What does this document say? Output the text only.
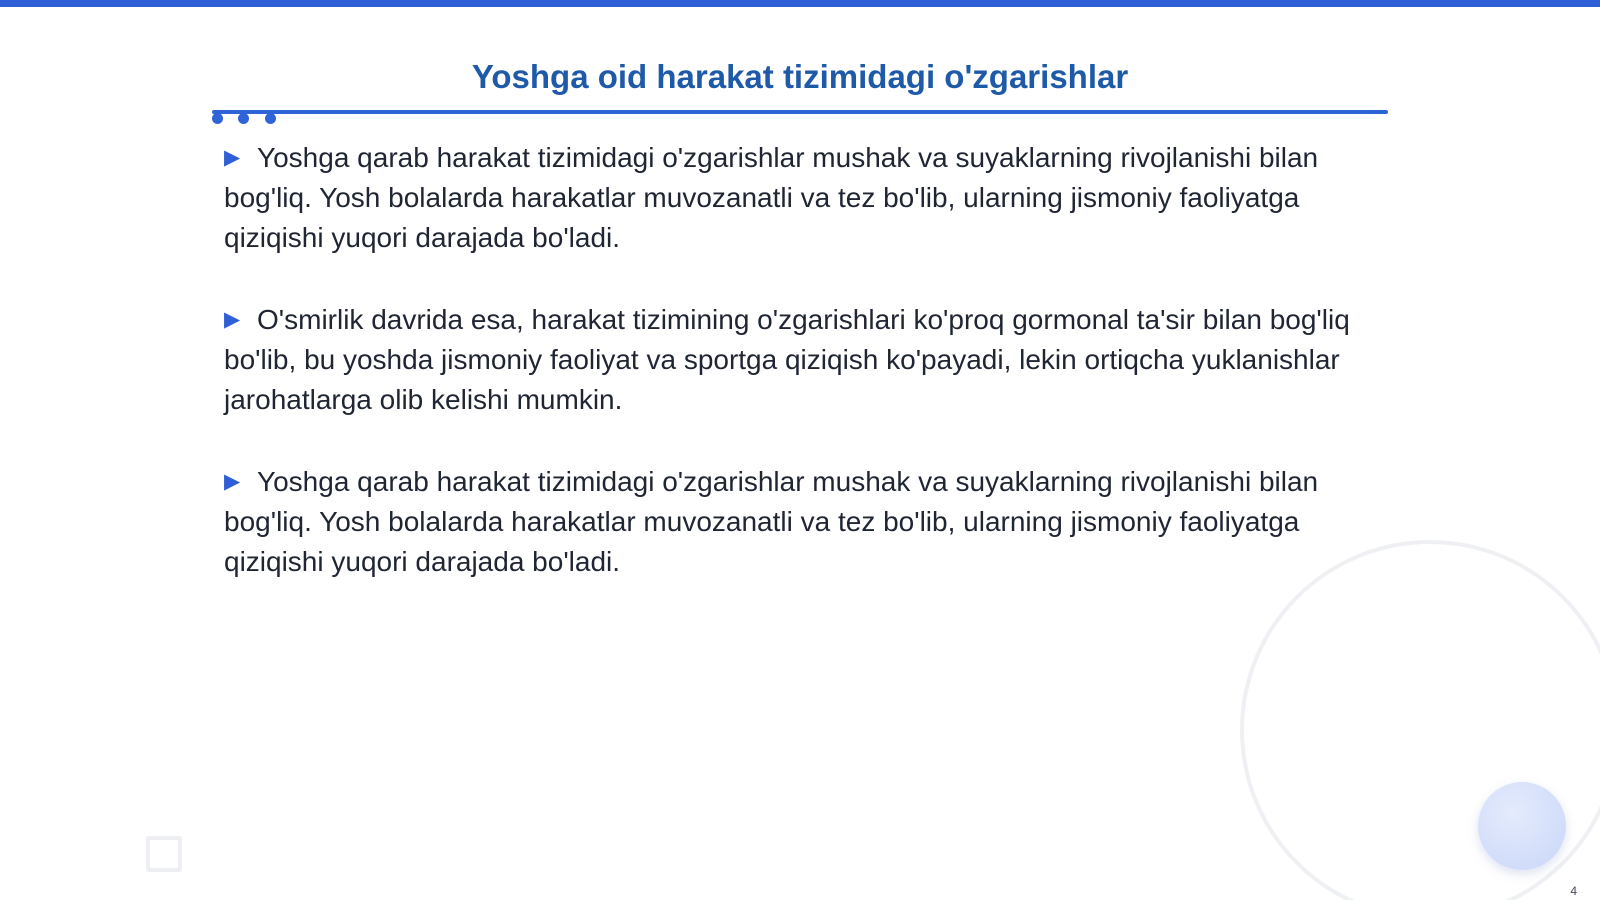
Yoshga oid harakat tizimidagi o'zgarishlar

▶ Yoshga qarab harakat tizimidagi o'zgarishlar mushak va suyaklarning rivojlanishi bilan bog'liq. Yosh bolalarda harakatlar muvozanatli va tez bo'lib, ularning jismoniy faoliyatga qiziqishi yuqori darajada bo'ladi.

▶ O'smirlik davrida esa, harakat tizimining o'zgarishlari ko'proq gormonal ta'sir bilan bog'liq bo'lib, bu yoshda jismoniy faoliyat va sportga qiziqish ko'payadi, lekin ortiqcha yuklanishlar jarohatlarga olib kelishi mumkin.

▶ Yoshga qarab harakat tizimidagi o'zgarishlar mushak va suyaklarning rivojlanishi bilan bog'liq. Yosh bolalarda harakatlar muvozanatli va tez bo'lib, ularning jismoniy faoliyatga qiziqishi yuqori darajada bo'ladi.

4
